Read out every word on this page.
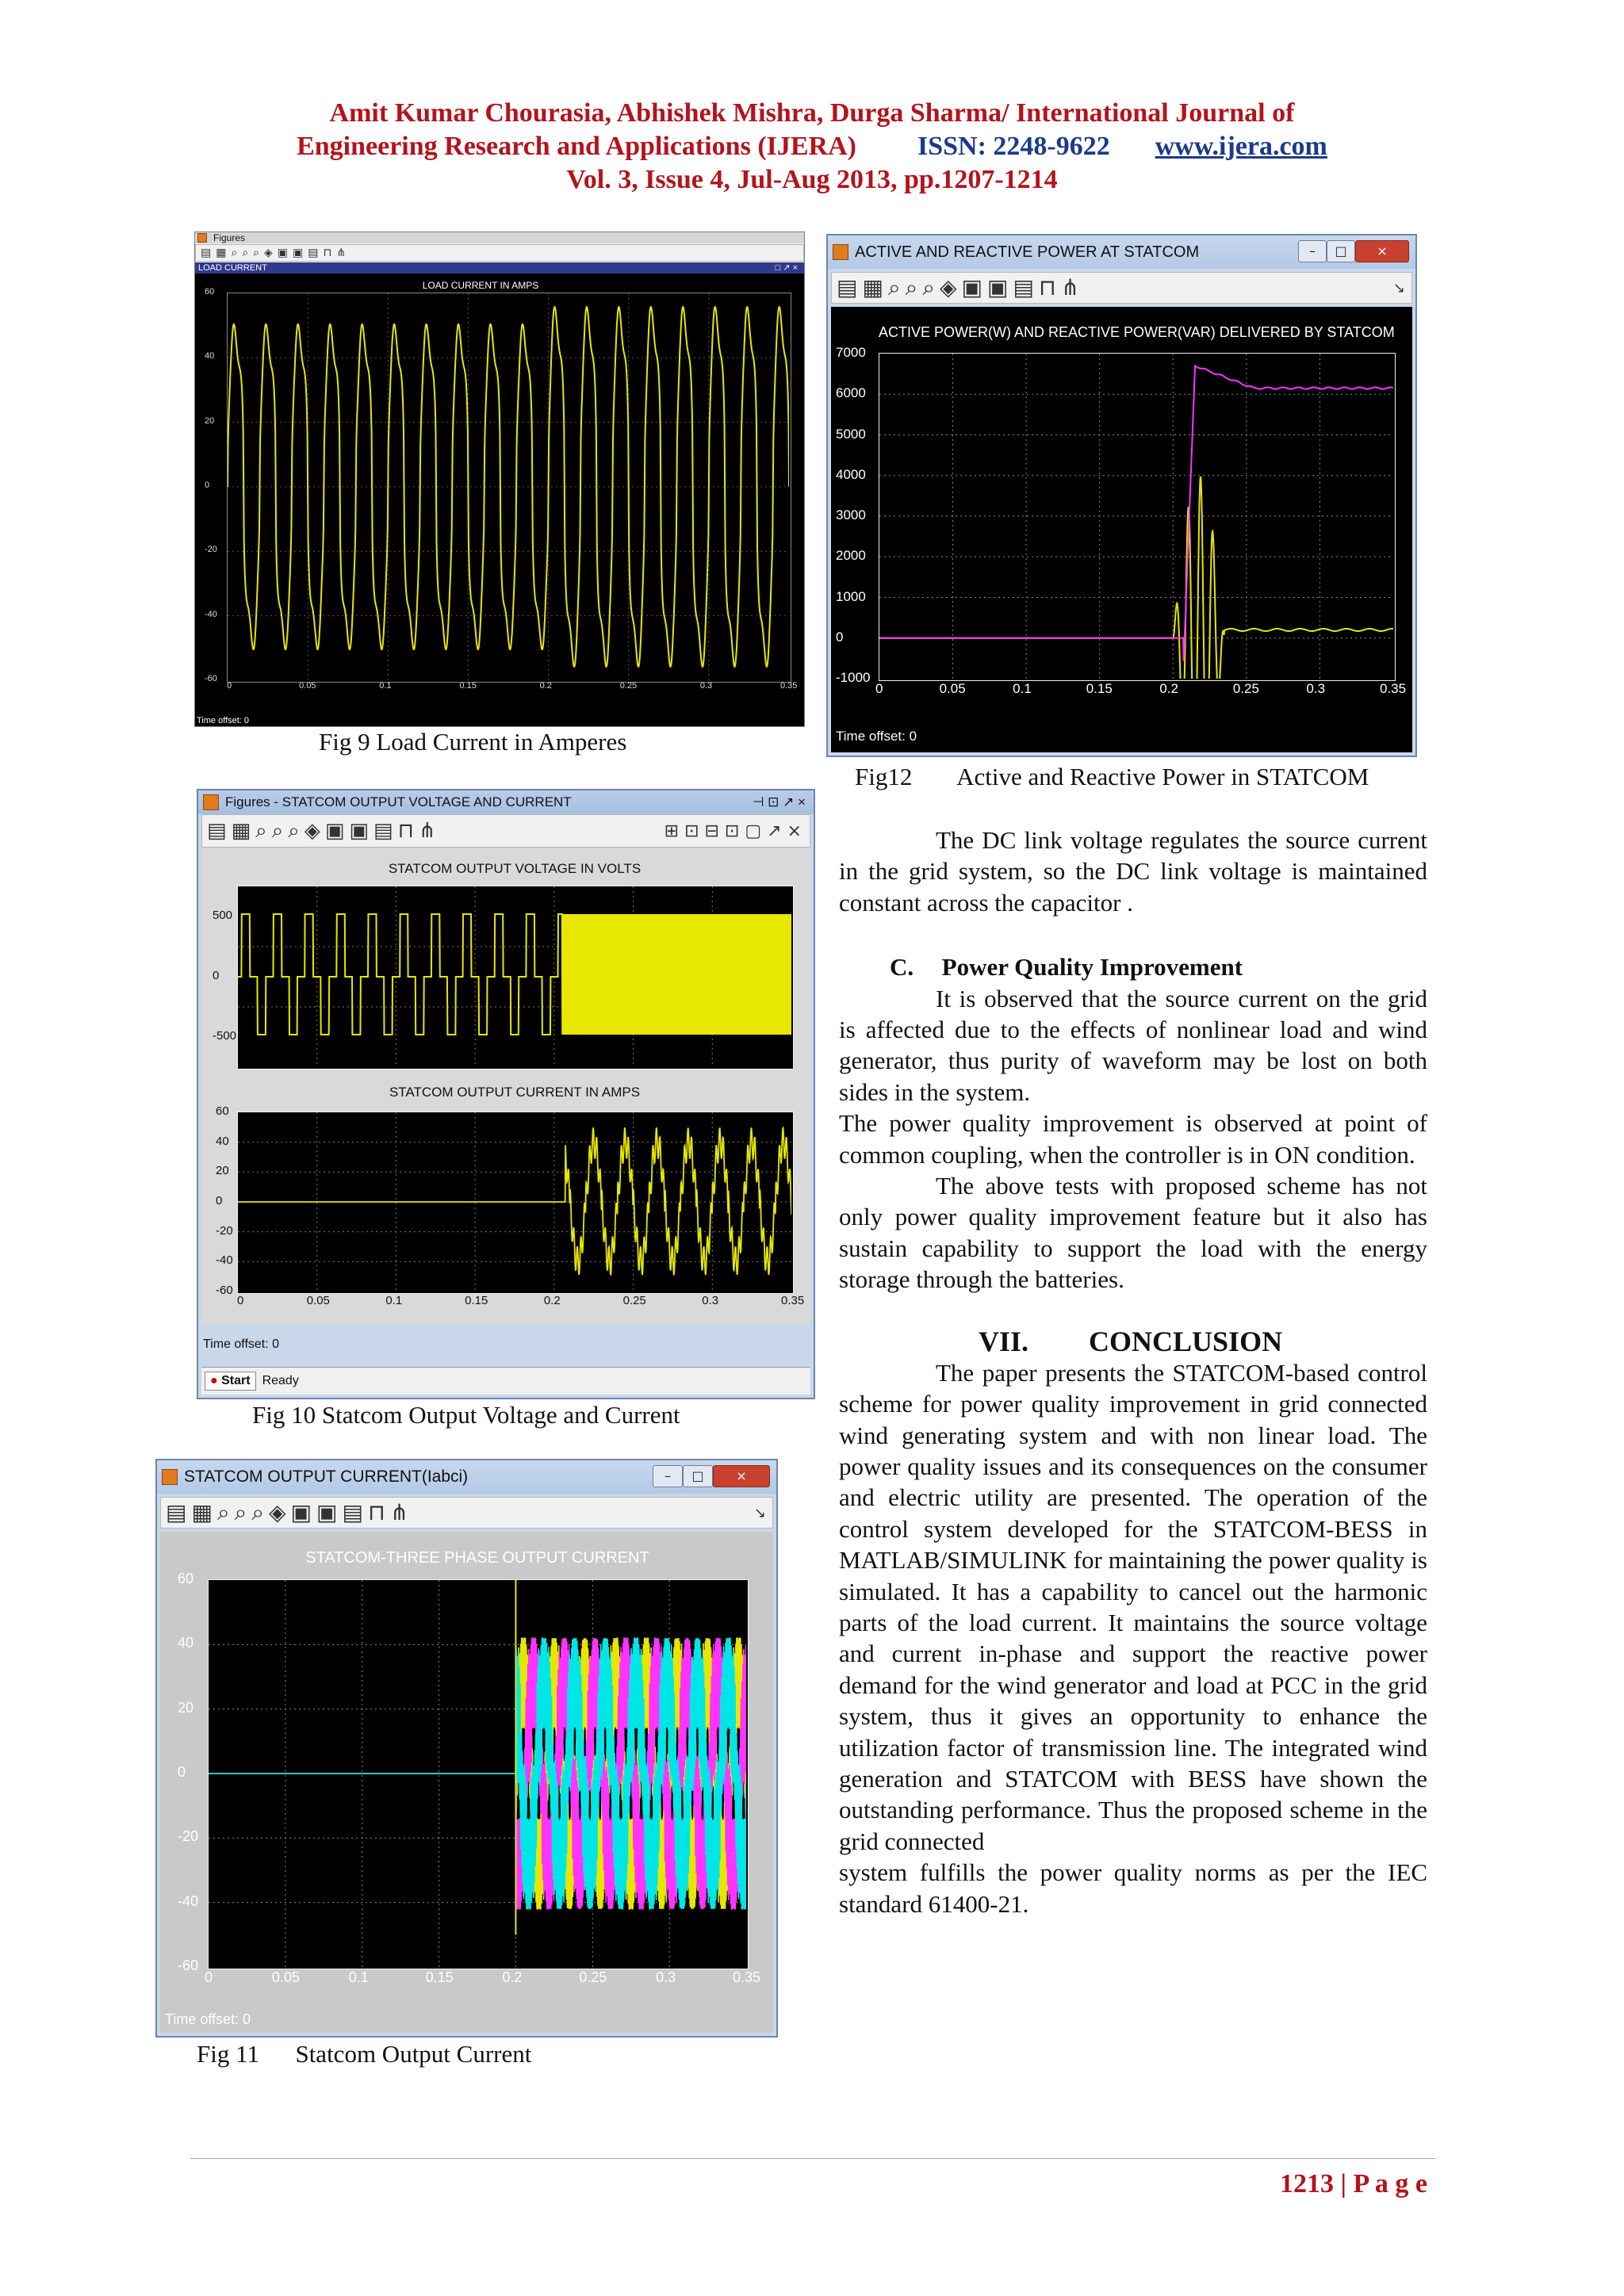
Amit Kumar Chourasia, Abhishek Mishra, Durga Sharma/ International Journal of
Engineering Research and Applications (IJERA) ISSN: 2248-9622 www.ijera.com
Vol. 3, Issue 4, Jul-Aug 2013, pp.1207-1214
Figures
▤ ▦ ⌕ ⌕ ⌕ ◈ ▣ ▣ ▤ ⊓ ⋔
LOAD CURRENT	□ ↗ ×
LOAD CURRENT IN AMPS
60
40
20
0
-20
-40
-60
0	0.05	0.1	0.15	0.2	0.25	0.3	0.35
Time offset: 0
Fig 9 Load Current in Amperes
Figures - STATCOM OUTPUT VOLTAGE AND CURRENT	⊣ ⊡ ↗ ×
▤ ▦ ⌕ ⌕ ⌕ ◈ ▣ ▣ ▤ ⊓ ⋔	⊞ ⊡ ⊟ ⊡ ▢ ↗ ×
STATCOM OUTPUT VOLTAGE IN VOLTS
STATCOM OUTPUT CURRENT IN AMPS
500
0
-500
60
40
20
0
-20
-40
-60
0	0.05	0.1	0.15	0.2	0.25	0.3	0.35
Time offset: 0
● Start Ready
Fig 10 Statcom Output Voltage and Current
STATCOM OUTPUT CURRENT(Iabci)	–	□	×
▤ ▦ ⌕ ⌕ ⌕ ◈ ▣ ▣ ▤ ⊓ ⋔	↘
STATCOM-THREE PHASE OUTPUT CURRENT
60
40
20
0
-20
-40
-60
0	0.05	0.1	0.15	0.2	0.25	0.3	0.35
Time offset: 0
Fig 11 Statcom Output Current
ACTIVE AND REACTIVE POWER AT STATCOM	–	□	×
▤ ▦ ⌕ ⌕ ⌕ ◈ ▣ ▣ ▤ ⊓ ⋔	↘
ACTIVE POWER(W) AND REACTIVE POWER(VAR) DELIVERED BY STATCOM
7000
6000
5000
4000
3000
2000
1000
0
-1000
0	0.05	0.1	0.15	0.2	0.25	0.3	0.35
Time offset: 0
Fig12 Active and Reactive Power in STATCOM

The DC link voltage regulates the source current in the grid system, so the DC link voltage is maintained constant across the capacitor .

C. Power Quality Improvement

It is observed that the source current on the grid is affected due to the effects of nonlinear load and wind generator, thus purity of waveform may be lost on both sides in the system.

The power quality improvement is observed at point of common coupling, when the controller is in ON condition.

The above tests with proposed scheme has not only power quality improvement feature but it also has sustain capability to support the load with the energy storage through the batteries.

VII. CONCLUSION

The paper presents the STATCOM-based control scheme for power quality improvement in grid connected wind generating system and with non linear load. The power quality issues and its consequences on the consumer and electric utility are presented. The operation of the control system developed for the STATCOM-BESS in MATLAB/SIMULINK for maintaining the power quality is simulated. It has a capability to cancel out the harmonic parts of the load current. It maintains the source voltage and current in-phase and support the reactive power demand for the wind generator and load at PCC in the grid system, thus it gives an opportunity to enhance the utilization factor of transmission line. The integrated wind generation and STATCOM with BESS have shown the outstanding performance. Thus the proposed scheme in the grid connected

system fulfills the power quality norms as per the IEC standard 61400-21.

1213 | P a g e
